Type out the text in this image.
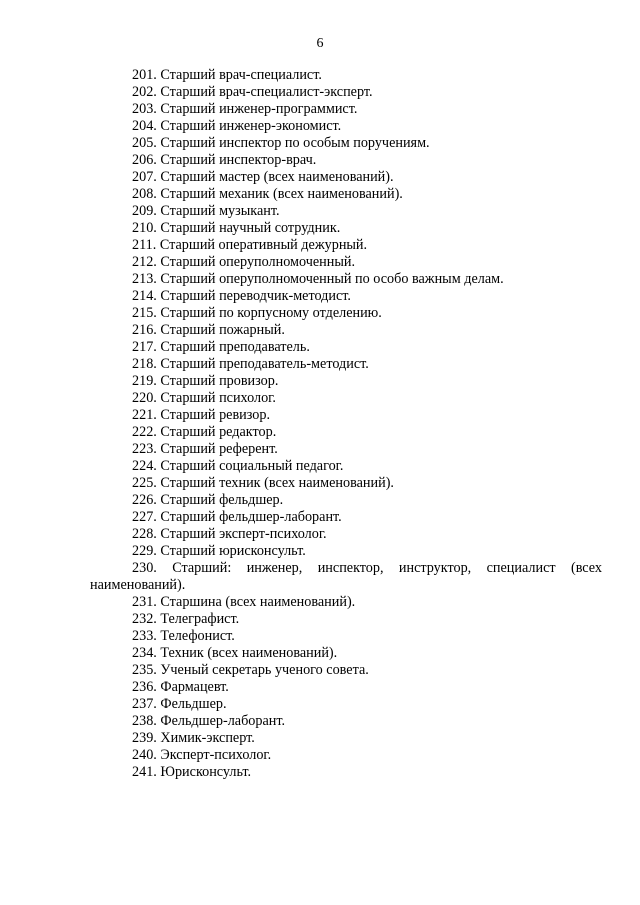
6
201. Старший врач-специалист.
202. Старший врач-специалист-эксперт.
203. Старший инженер-программист.
204. Старший инженер-экономист.
205. Старший инспектор по особым поручениям.
206. Старший инспектор-врач.
207. Старший мастер (всех наименований).
208. Старший механик (всех наименований).
209. Старший музыкант.
210. Старший научный сотрудник.
211. Старший оперативный дежурный.
212. Старший оперуполномоченный.
213. Старший оперуполномоченный по особо важным делам.
214. Старший переводчик-методист.
215. Старший по корпусному отделению.
216. Старший пожарный.
217. Старший преподаватель.
218. Старший преподаватель-методист.
219. Старший провизор.
220. Старший психолог.
221. Старший ревизор.
222. Старший редактор.
223. Старший референт.
224. Старший социальный педагог.
225. Старший техник (всех наименований).
226. Старший фельдшер.
227. Старший фельдшер-лаборант.
228. Старший эксперт-психолог.
229. Старший юрисконсульт.
230. Старший: инженер, инспектор, инструктор, специалист (всех
наименований).
231. Старшина (всех наименований).
232. Телеграфист.
233. Телефонист.
234. Техник (всех наименований).
235. Ученый секретарь ученого совета.
236. Фармацевт.
237. Фельдшер.
238. Фельдшер-лаборант.
239. Химик-эксперт.
240. Эксперт-психолог.
241. Юрисконсульт.
